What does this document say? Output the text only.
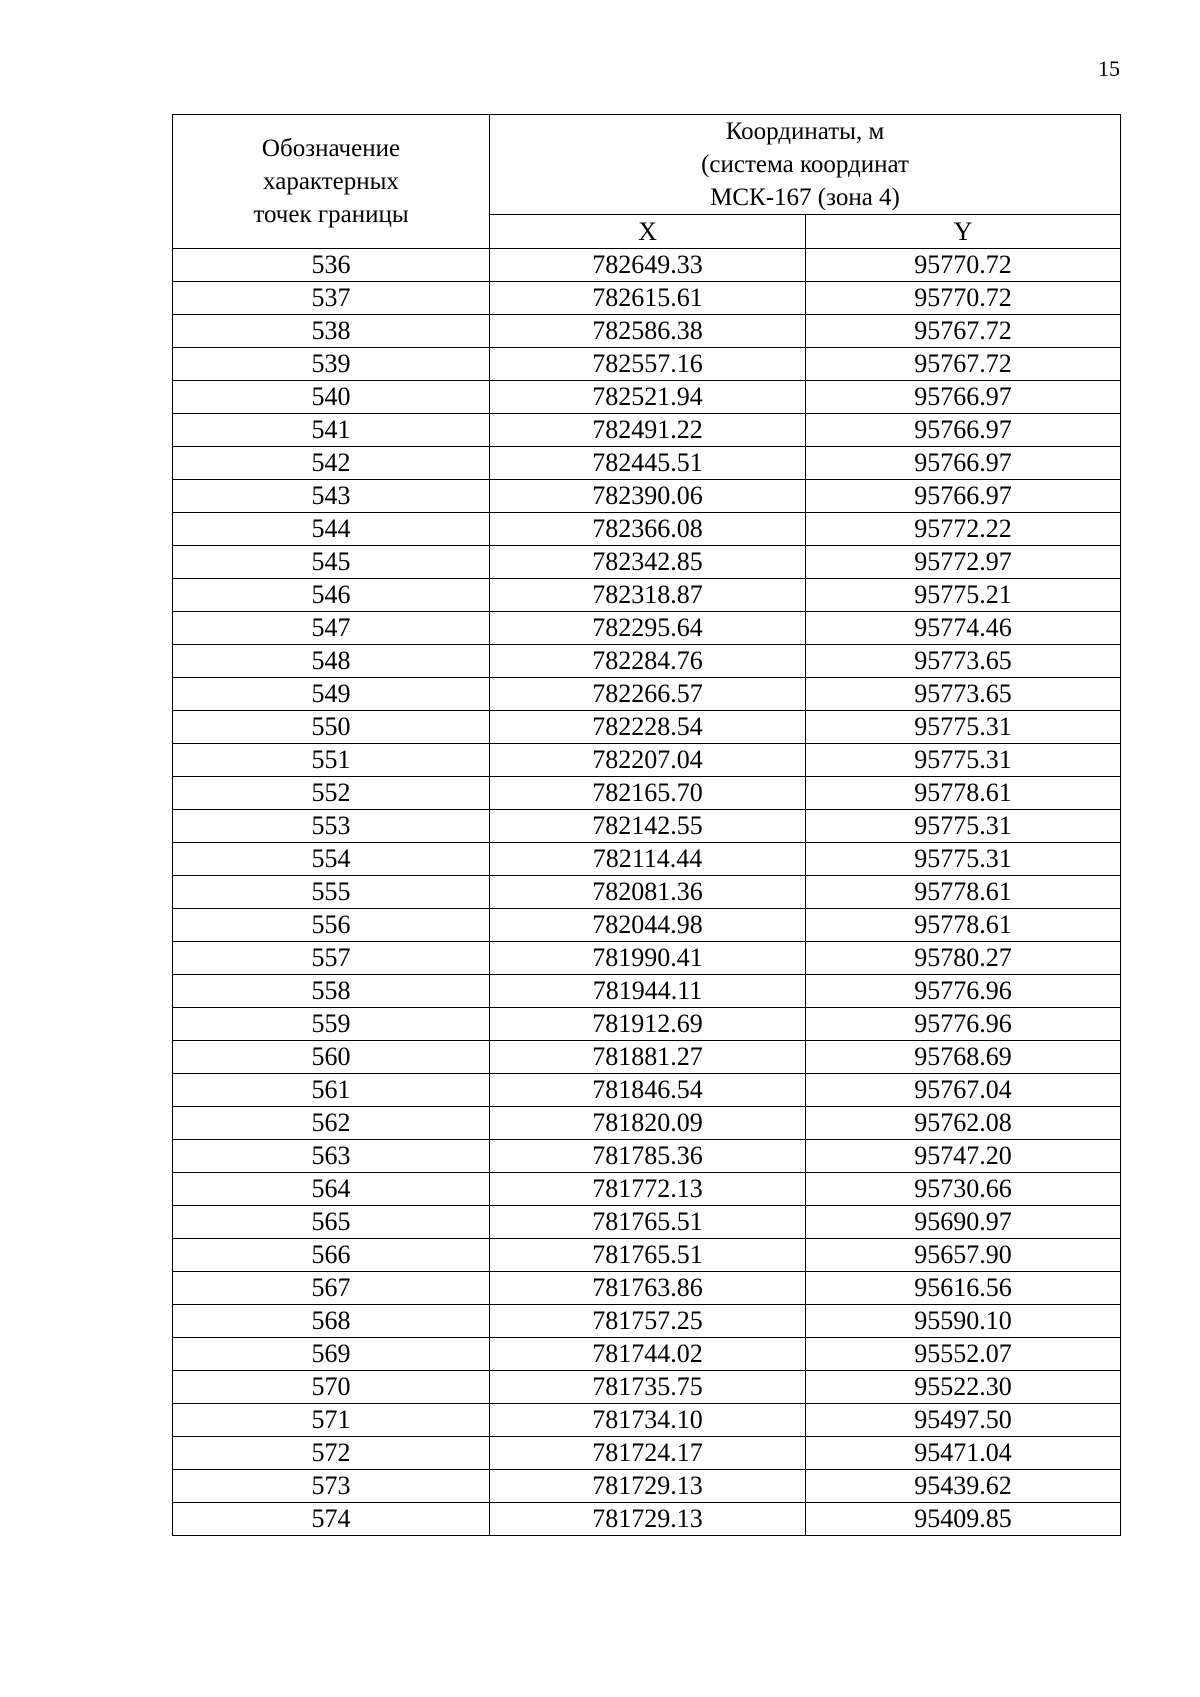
15
Обозначение
характерных
точек границы	Координаты, м
(система координат
МСК-167 (зона 4)	

	X	Y
536	782649.33	95770.72
537	782615.61	95770.72
538	782586.38	95767.72
539	782557.16	95767.72
540	782521.94	95766.97
541	782491.22	95766.97
542	782445.51	95766.97
543	782390.06	95766.97
544	782366.08	95772.22
545	782342.85	95772.97
546	782318.87	95775.21
547	782295.64	95774.46
548	782284.76	95773.65
549	782266.57	95773.65
550	782228.54	95775.31
551	782207.04	95775.31
552	782165.70	95778.61
553	782142.55	95775.31
554	782114.44	95775.31
555	782081.36	95778.61
556	782044.98	95778.61
557	781990.41	95780.27
558	781944.11	95776.96
559	781912.69	95776.96
560	781881.27	95768.69
561	781846.54	95767.04
562	781820.09	95762.08
563	781785.36	95747.20
564	781772.13	95730.66
565	781765.51	95690.97
566	781765.51	95657.90
567	781763.86	95616.56
568	781757.25	95590.10
569	781744.02	95552.07
570	781735.75	95522.30
571	781734.10	95497.50
572	781724.17	95471.04
573	781729.13	95439.62
574	781729.13	95409.85
